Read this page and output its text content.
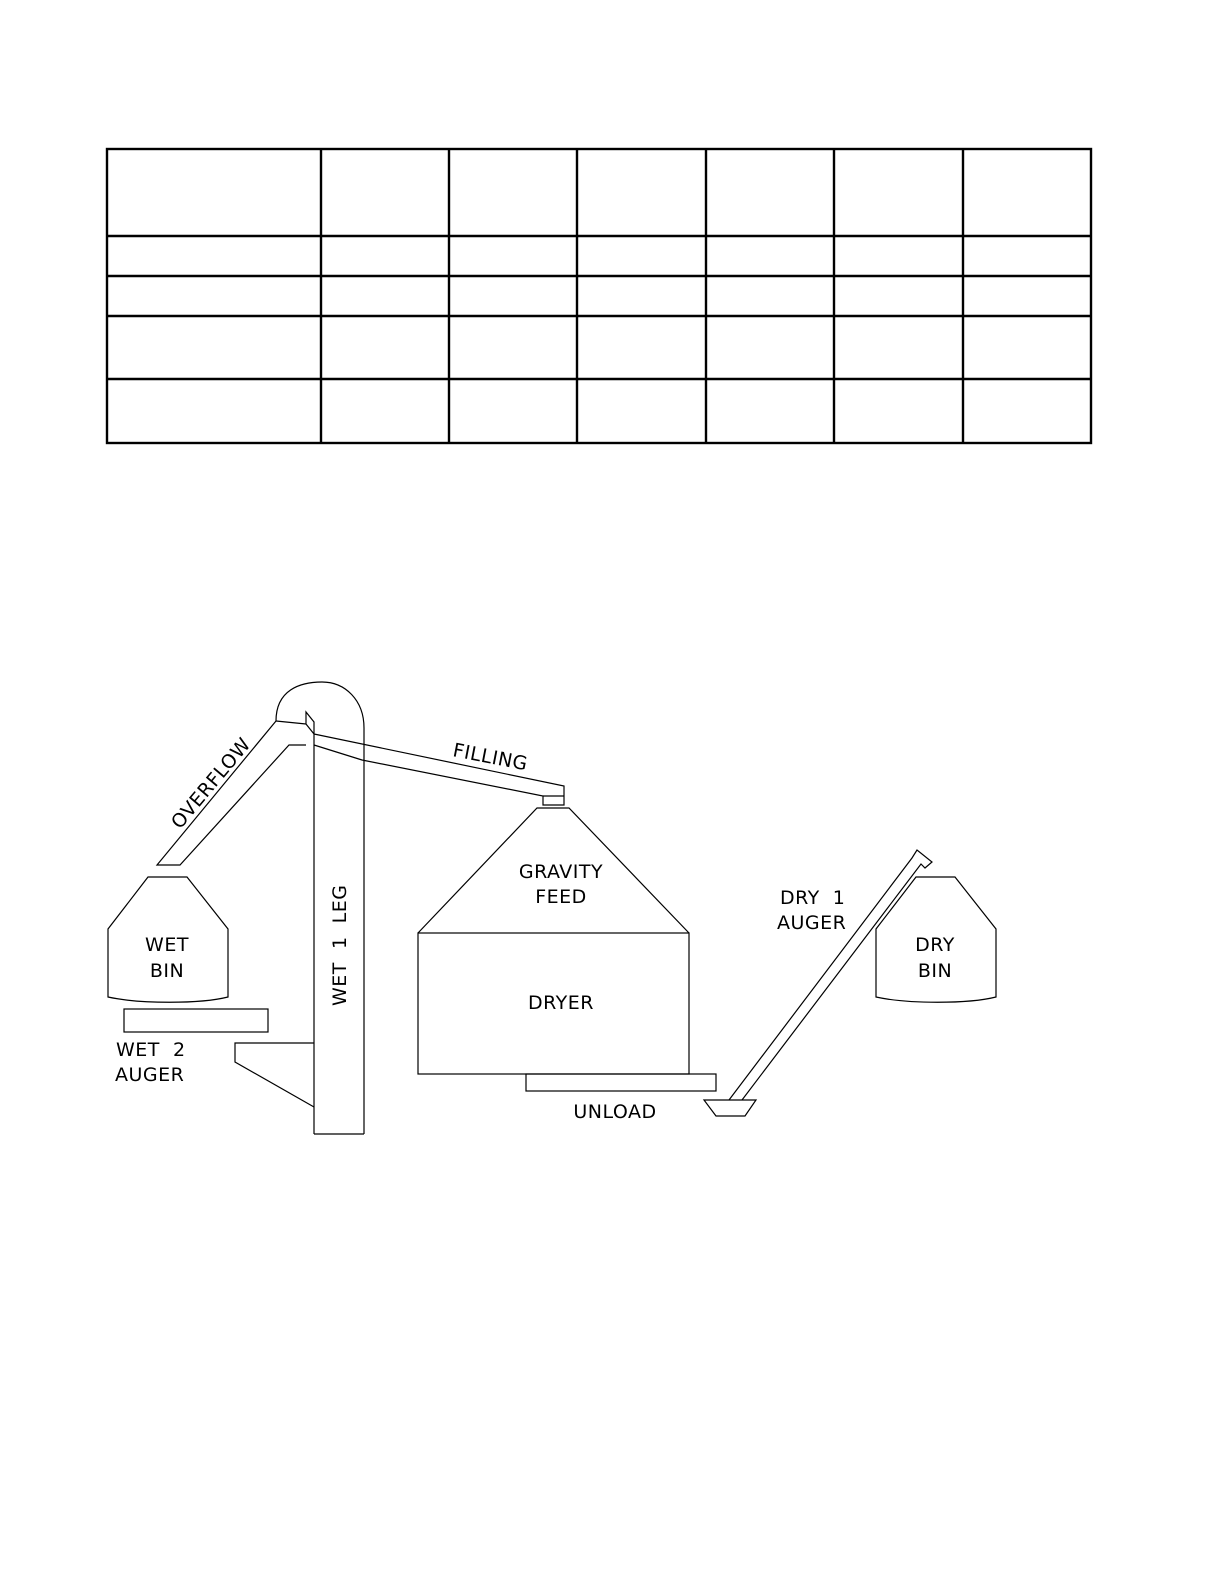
OVERFLOW	FILLING
WET  1  LEG
GRAVITY
FEED
DRYER
UNLOAD
WET
BIN
WET  2
AUGER
DRY  1
AUGER
DRY
BIN
